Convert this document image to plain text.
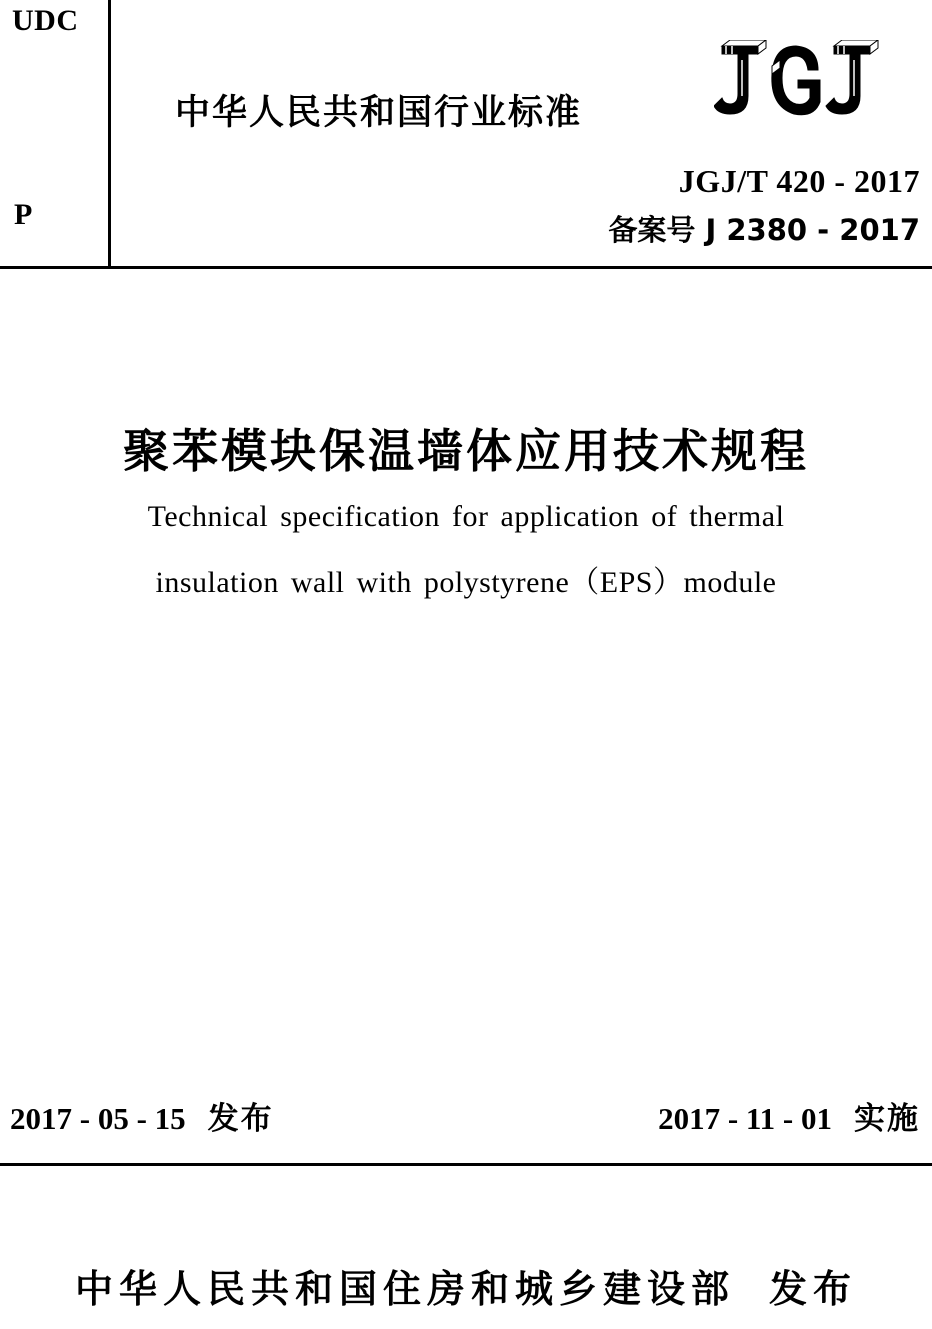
UDC
P
中华人民共和国行业标准
JGJ/T 420 - 2017
备案号 J 2380 - 2017
聚苯模块保温墙体应用技术规程
Technical specification for application of thermal
insulation wall with polystyrene（EPS）module
2017 - 05 - 15 发布	2017 - 11 - 01 实施
中华人民共和国住房和城乡建设部 发布
